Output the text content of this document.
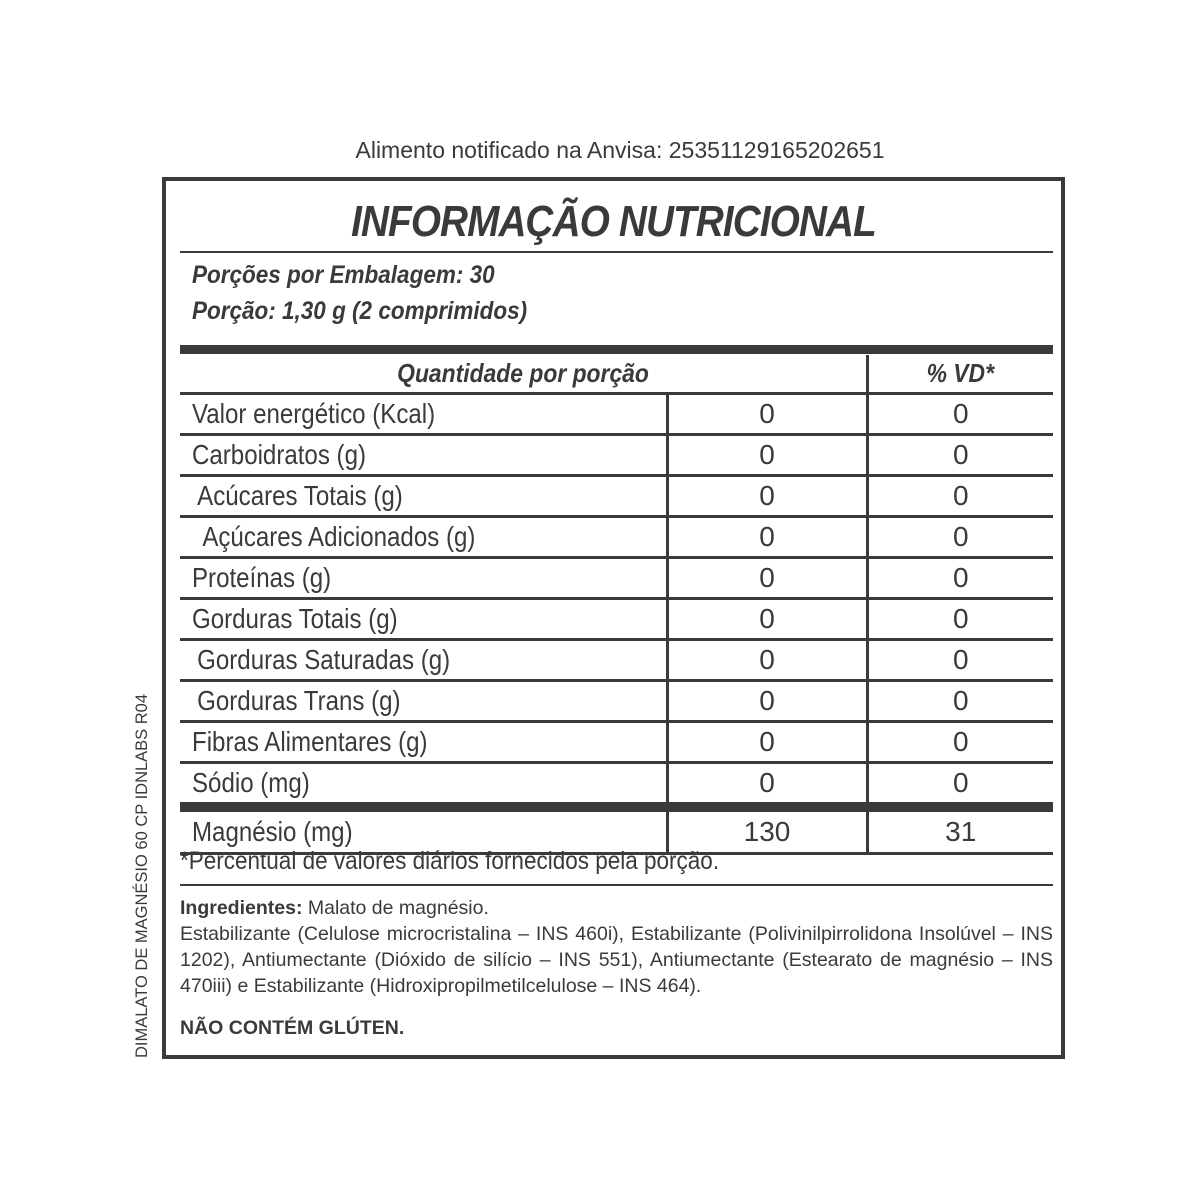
Alimento notificado na Anvisa: 25351129165202651
DIMALATO DE MAGNÉSIO 60 CP IDNLABS R04
INFORMAÇÃO NUTRICIONAL
Porções por Embalagem: 30
Porção: 1,30 g (2 comprimidos)
Quantidade por porção		% VD*
Valor energético (Kcal)	0	0
Carboidratos (g)	0	0
Acúcares Totais (g)	0	0
Açúcares Adicionados (g)	0	0
Proteínas (g)	0	0
Gorduras Totais (g)	0	0
Gorduras Saturadas (g)	0	0
Gorduras Trans (g)	0	0
Fibras Alimentares (g)	0	0
Sódio (mg)	0	0
Magnésio (mg)	130	31
*Percentual de valores diários fornecidos pela porção.
Ingredientes: Malato de magnésio.
Estabilizante (Celulose microcristalina – INS 460i), Estabilizante (Polivinilpirrolidona Insolúvel – INS 1202), Antiumectante (Dióxido de silício – INS 551), Antiumectante (Estearato de magnésio – INS 470iii) e Estabilizante (Hidroxipropilmetilcelulose – INS 464).
NÃO CONTÉM GLÚTEN.
